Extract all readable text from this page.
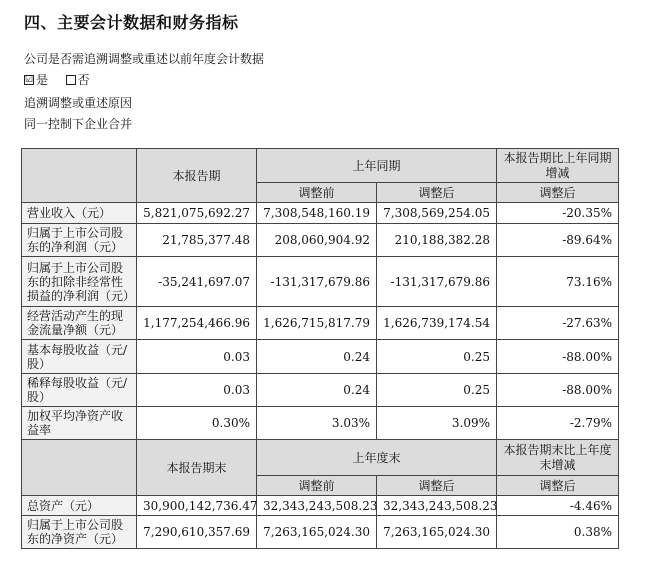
四、主要会计数据和财务指标
公司是否需追溯调整或重述以前年度会计数据
☑ 是 否
追溯调整或重述原因
同一控制下企业合并
	本报告期	上年同期		本报告期比上年同期增减
		调整前	调整后	调整后
营业收入（元）	5,821,075,692.27	7,308,548,160.19	7,308,569,254.05	-20.35%
归属于上市公司股东的净利润（元）	21,785,377.48	208,060,904.92	210,188,382.28	-89.64%
归属于上市公司股东的扣除非经常性损益的净利润（元）	-35,241,697.07	-131,317,679.86	-131,317,679.86	73.16%
经营活动产生的现金流量净额（元）	1,177,254,466.96	1,626,715,817.79	1,626,739,174.54	-27.63%
基本每股收益（元/股）	0.03	0.24	0.25	-88.00%
稀释每股收益（元/股）	0.03	0.24	0.25	-88.00%
加权平均净资产收益率	0.30%	3.03%	3.09%	-2.79%
	本报告期末	上年度末		本报告期末比上年度末增减
		调整前	调整后	调整后
总资产（元）	30,900,142,736.47	32,343,243,508.23	32,343,243,508.23	-4.46%
归属于上市公司股东的净资产（元）	7,290,610,357.69	7,263,165,024.30	7,263,165,024.30	0.38%
